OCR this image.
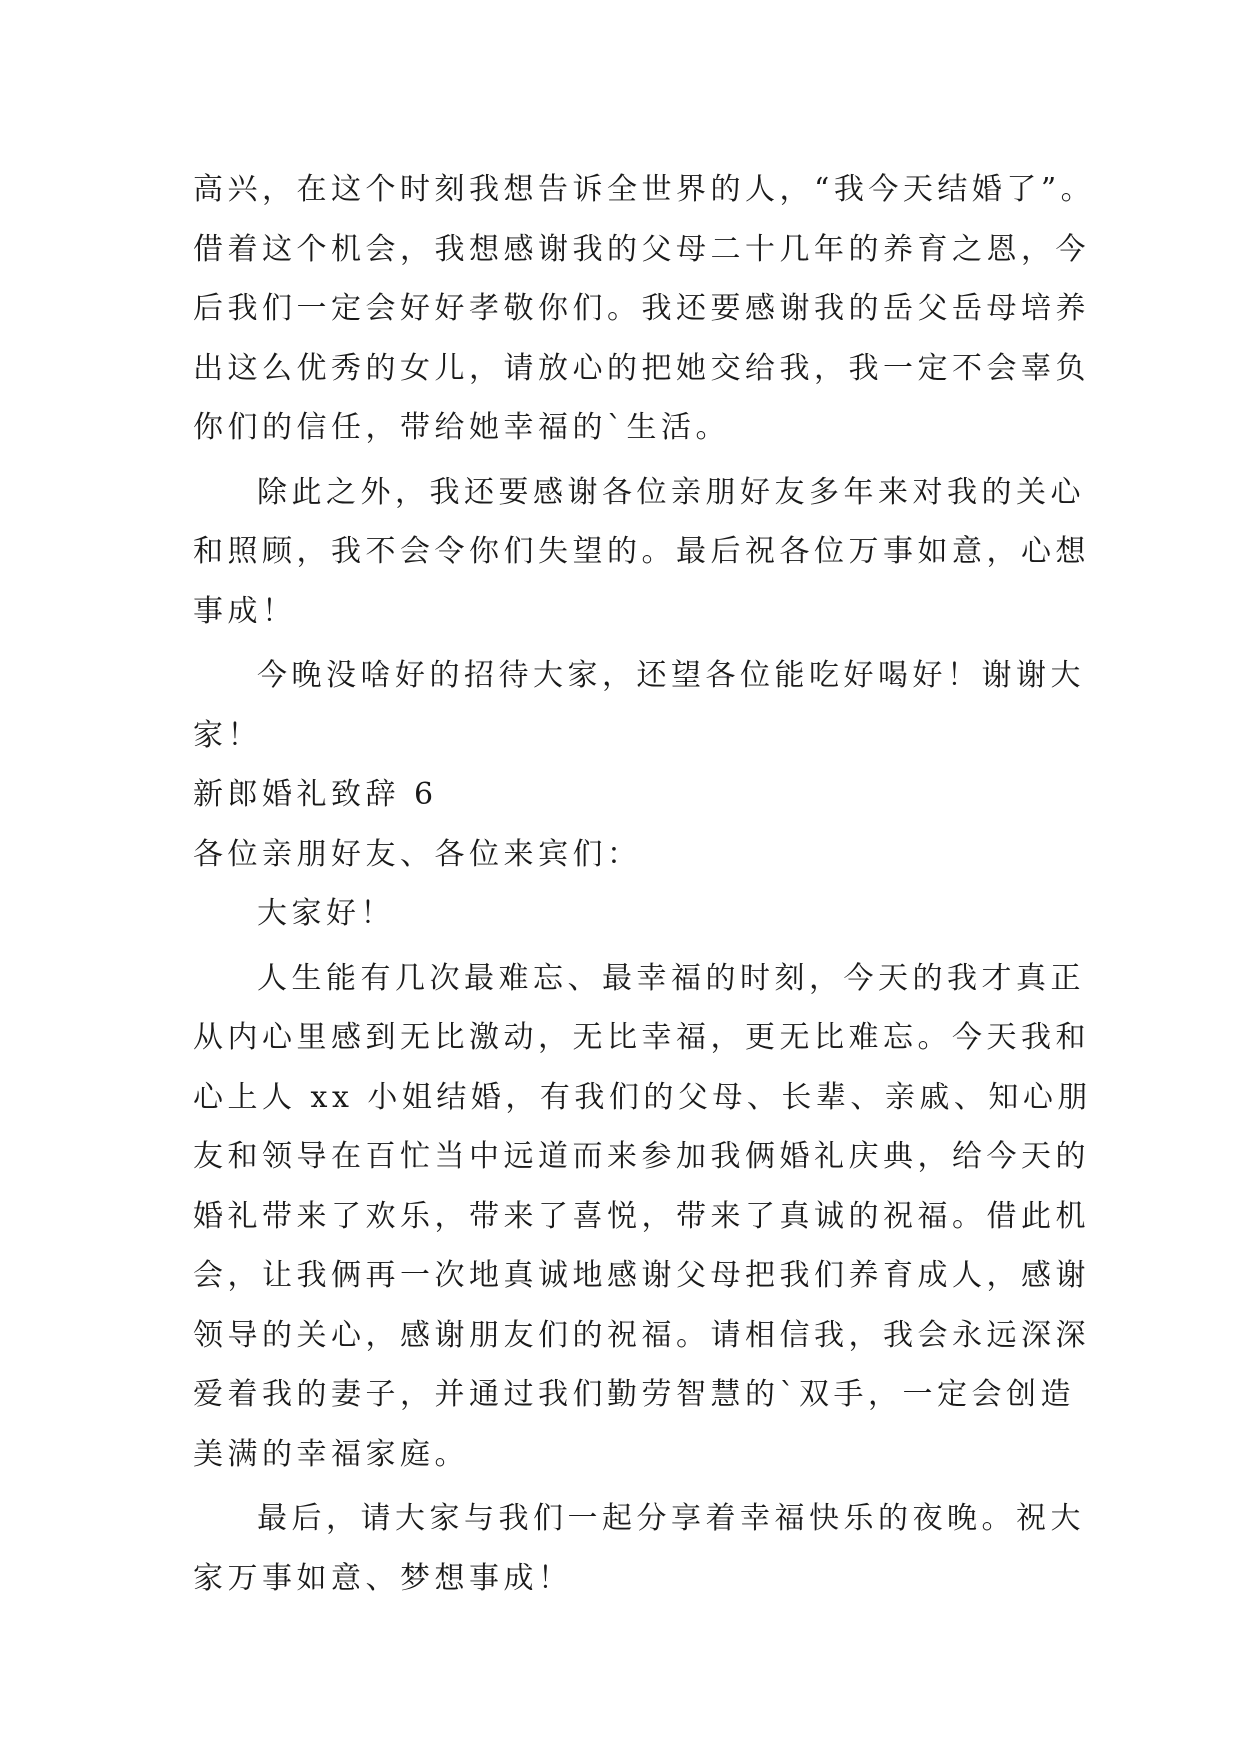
高兴，在这个时刻我想告诉全世界的人，“我今天结婚了”。
借着这个机会，我想感谢我的父母二十几年的养育之恩，今
后我们一定会好好孝敬你们。我还要感谢我的岳父岳母培养
出这么优秀的女儿，请放心的把她交给我，我一定不会辜负
你们的信任，带给她幸福的`生活。
除此之外，我还要感谢各位亲朋好友多年来对我的关心
和照顾，我不会令你们失望的。最后祝各位万事如意，心想
事成！
今晚没啥好的招待大家，还望各位能吃好喝好！谢谢大
家！
新郎婚礼致辞 6
各位亲朋好友、各位来宾们：
大家好！
人生能有几次最难忘、最幸福的时刻，今天的我才真正
从内心里感到无比激动，无比幸福，更无比难忘。今天我和
心上人 xx 小姐结婚，有我们的父母、长辈、亲戚、知心朋
友和领导在百忙当中远道而来参加我俩婚礼庆典，给今天的
婚礼带来了欢乐，带来了喜悦，带来了真诚的祝福。借此机
会，让我俩再一次地真诚地感谢父母把我们养育成人，感谢
领导的关心，感谢朋友们的祝福。请相信我，我会永远深深
爱着我的妻子，并通过我们勤劳智慧的`双手，一定会创造
美满的幸福家庭。
最后，请大家与我们一起分享着幸福快乐的夜晚。祝大
家万事如意、梦想事成！
